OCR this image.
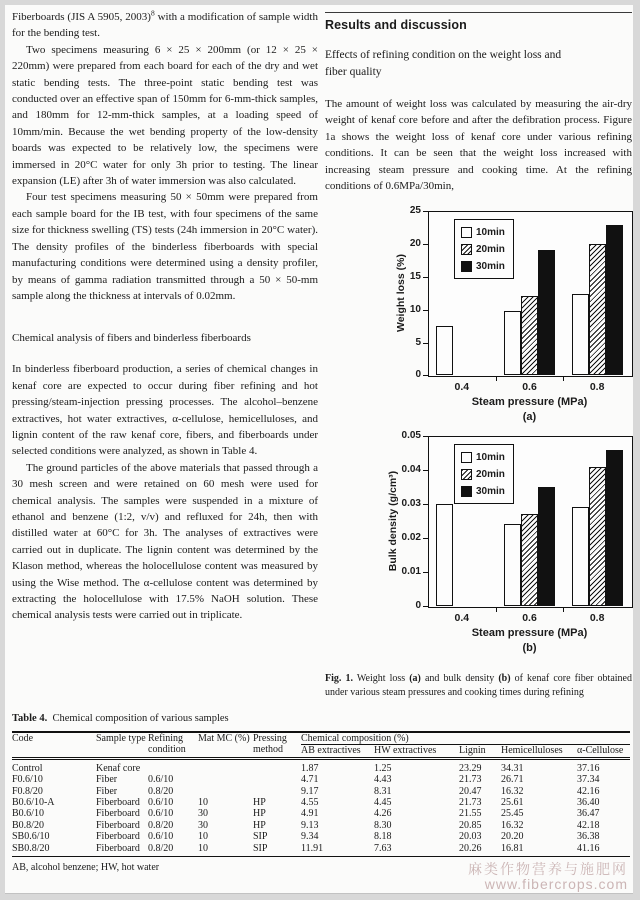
Fiberboards (JIS A 5905, 2003)$^8$ with a modification of sample width for the bending test.

Two specimens measuring 6 × 25 × 200mm (or 12 × 25 × 220mm) were prepared from each board for each of the dry and wet static bending tests. The three-point static bending test was conducted over an effective span of 150mm for 6-mm-thick samples, and 180mm for 12-mm-thick samples, at a loading speed of 10mm/min. Because the wet bending property of the low-density boards was expected to be relatively low, the specimens were immersed in 20°C water for only 3h prior to testing. The linear expansion (LE) after 3h of water immersion was also calculated.

Four test specimens measuring 50 × 50mm were prepared from each sample board for the IB test, with four specimens of the same size for thickness swelling (TS) tests (24h immersion in 20°C water). The density profiles of the binderless fiberboards with special manufacturing conditions were determined using a density profiler, by means of gamma radiation transmitted through a 50 × 50-mm sample along the thickness at intervals of 0.02mm.

Chemical analysis of fibers and binderless fiberboards

In binderless fiberboard production, a series of chemical changes in kenaf core are expected to occur during fiber refining and hot pressing/steam-injection pressing processes. The alcohol–benzene extractives, hot water extractives, α-cellulose, hemicelluloses, and lignin content of the raw kenaf core, fibers, and fiberboards under selected conditions were analyzed, as shown in Table 4.

The ground particles of the above materials that passed through a 30 mesh screen and were retained on 60 mesh were used for chemical analysis. The samples were suspended in a mixture of ethanol and benzene (1:2, v/v) and refluxed for 24h, then with distilled water at 60°C for 3h. The analyses of extractives were carried out in duplicate. The lignin content was determined by the Klason method, whereas the holocellulose content was measured by using the Wise method. The α-cellulose content was determined by extracting the holocellulose with 17.5% NaOH solution. These chemical analysis tests were carried out in triplicate.

Results and discussion
Effects of refining condition on the weight loss and fiber quality

The amount of weight loss was calculated by measuring the air-dry weight of kenaf core before and after the defibration process. Figure 1a shows the weight loss of kenaf core under various refining conditions. It can be seen that the weight loss increased with increasing steam pressure and cooking time. At the refining conditions of 0.6MPa/30min,

Weight loss (%)
0
5
10
15
20
25
0.4	0.6	0.8
10min
20min
30min
Steam pressure (MPa)
(a)
Bulk density (g/cm³)
0
0.01
0.02
0.03
0.04
0.05
0.4	0.6	0.8
10min
20min
30min
Steam pressure (MPa)
(b)

Fig. 1. Weight loss (a) and bulk density (b) of kenaf core fiber obtained under various steam pressures and cooking times during refining

Table 4. Chemical composition of various samples

Code	Sample type	Refining condition	Mat MC (%)	Pressing method	Chemical composition (%)				
					AB extractives	HW extractives	Lignin	Hemicelluloses	α-Cellulose
Control	Kenaf core				1.87	1.25	23.29	34.31	37.16
F0.6/10	Fiber	0.6/10			4.71	4.43	21.73	26.71	37.34
F0.8/20	Fiber	0.8/20			9.17	8.31	20.47	16.32	42.16
B0.6/10-A	Fiberboard	0.6/10	10	HP	4.55	4.45	21.73	25.61	36.40
B0.6/10	Fiberboard	0.6/10	30	HP	4.91	4.26	21.55	25.45	36.47
B0.8/20	Fiberboard	0.8/20	30	HP	9.13	8.30	20.85	16.32	42.18
SB0.6/10	Fiberboard	0.6/10	10	SIP	9.34	8.18	20.03	20.20	36.38
SB0.8/20	Fiberboard	0.8/20	10	SIP	11.91	7.63	20.26	16.81	41.16

AB, alcohol benzene; HW, hot water	麻类作物营养与施肥网
www.fibercrops.com
